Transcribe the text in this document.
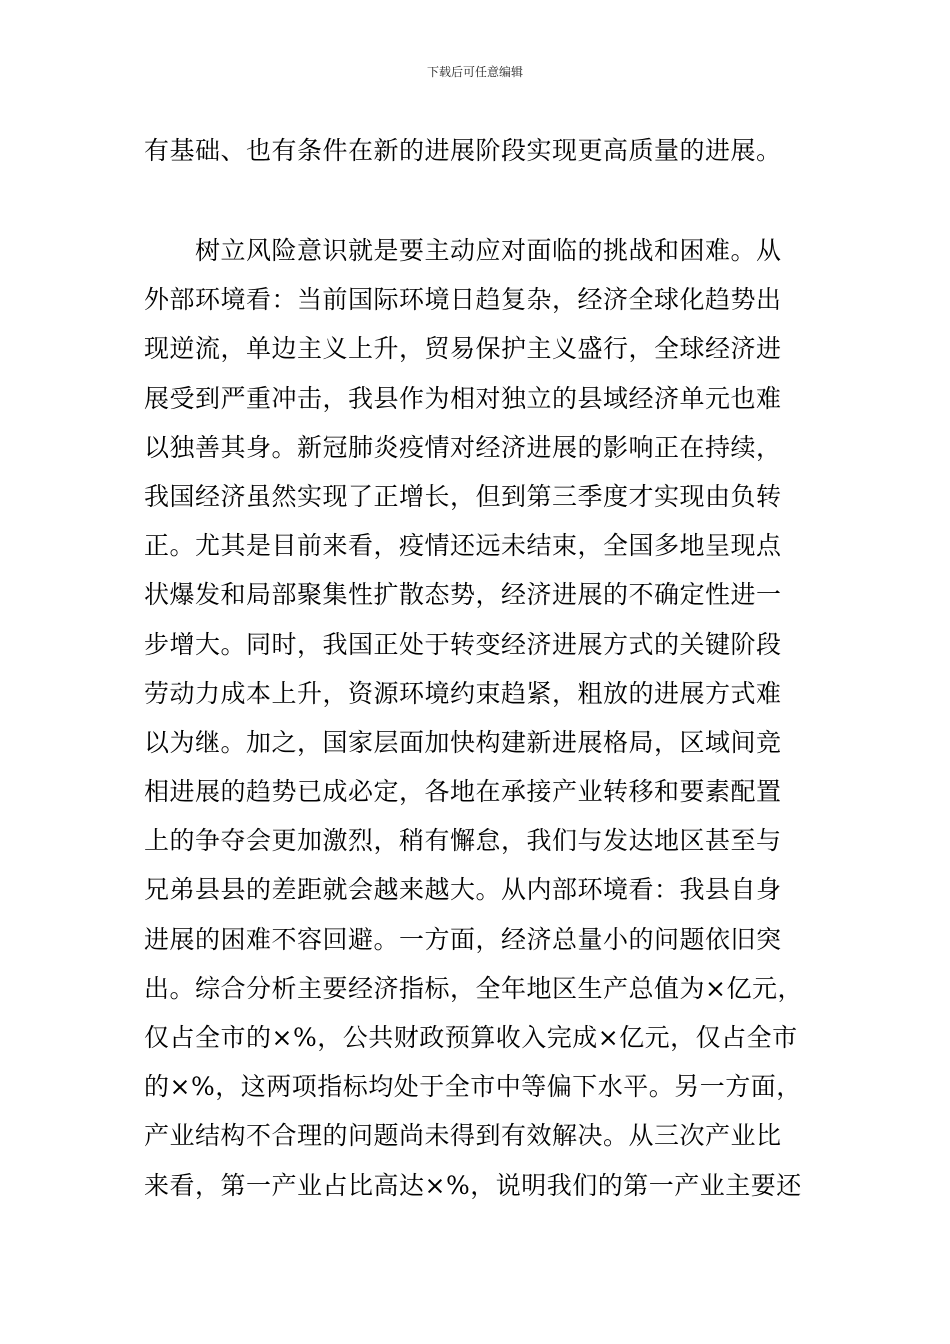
下载后可任意编辑
有基础、也有条件在新的进展阶段实现更高质量的进展。
　　树立风险意识就是要主动应对面临的挑战和困难。从
外部环境看：当前国际环境日趋复杂，经济全球化趋势出
现逆流，单边主义上升，贸易保护主义盛行，全球经济进
展受到严重冲击，我县作为相对独立的县域经济单元也难
以独善其身。新冠肺炎疫情对经济进展的影响正在持续，
我国经济虽然实现了正增长，但到第三季度才实现由负转
正。尤其是目前来看，疫情还远未结束，全国多地呈现点
状爆发和局部聚集性扩散态势，经济进展的不确定性进一
步增大。同时，我国正处于转变经济进展方式的关键阶段
劳动力成本上升，资源环境约束趋紧，粗放的进展方式难
以为继。加之，国家层面加快构建新进展格局，区域间竞
相进展的趋势已成必定，各地在承接产业转移和要素配置
上的争夺会更加激烈，稍有懈怠，我们与发达地区甚至与
兄弟县县的差距就会越来越大。从内部环境看：我县自身
进展的困难不容回避。一方面，经济总量小的问题依旧突
出。综合分析主要经济指标，全年地区生产总值为×亿元，
仅占全市的×%，公共财政预算收入完成×亿元，仅占全市
的×%，这两项指标均处于全市中等偏下水平。另一方面，
产业结构不合理的问题尚未得到有效解决。从三次产业比
来看，第一产业占比高达×%，说明我们的第一产业主要还
